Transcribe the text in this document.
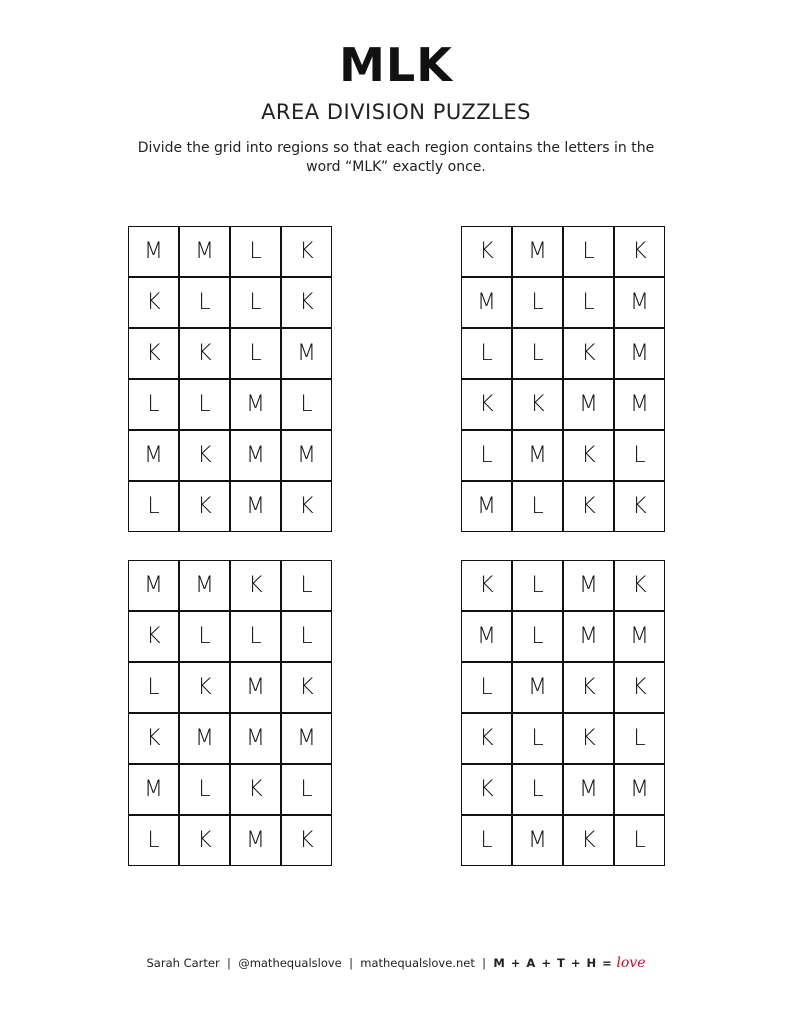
MLK
AREA DIVISION PUZZLES
Divide the grid into regions so that each region contains the letters in the
word “MLK” exactly once.
M	M	L	K
K	L	L	K
K	K	L	M
L	L	M	L
M	K	M	M
L	K	M	K
K	M	L	K
M	L	L	M
L	L	K	M
K	K	M	M
L	M	K	L
M	L	K	K
M	M	K	L
K	L	L	L
L	K	M	K
K	M	M	M
M	L	K	L
L	K	M	K
K	L	M	K
M	L	M	M
L	M	K	K
K	L	K	L
K	L	M	M
L	M	K	L
Sarah Carter | @mathequalslove | mathequalslove.net | M + A + T + H = love
